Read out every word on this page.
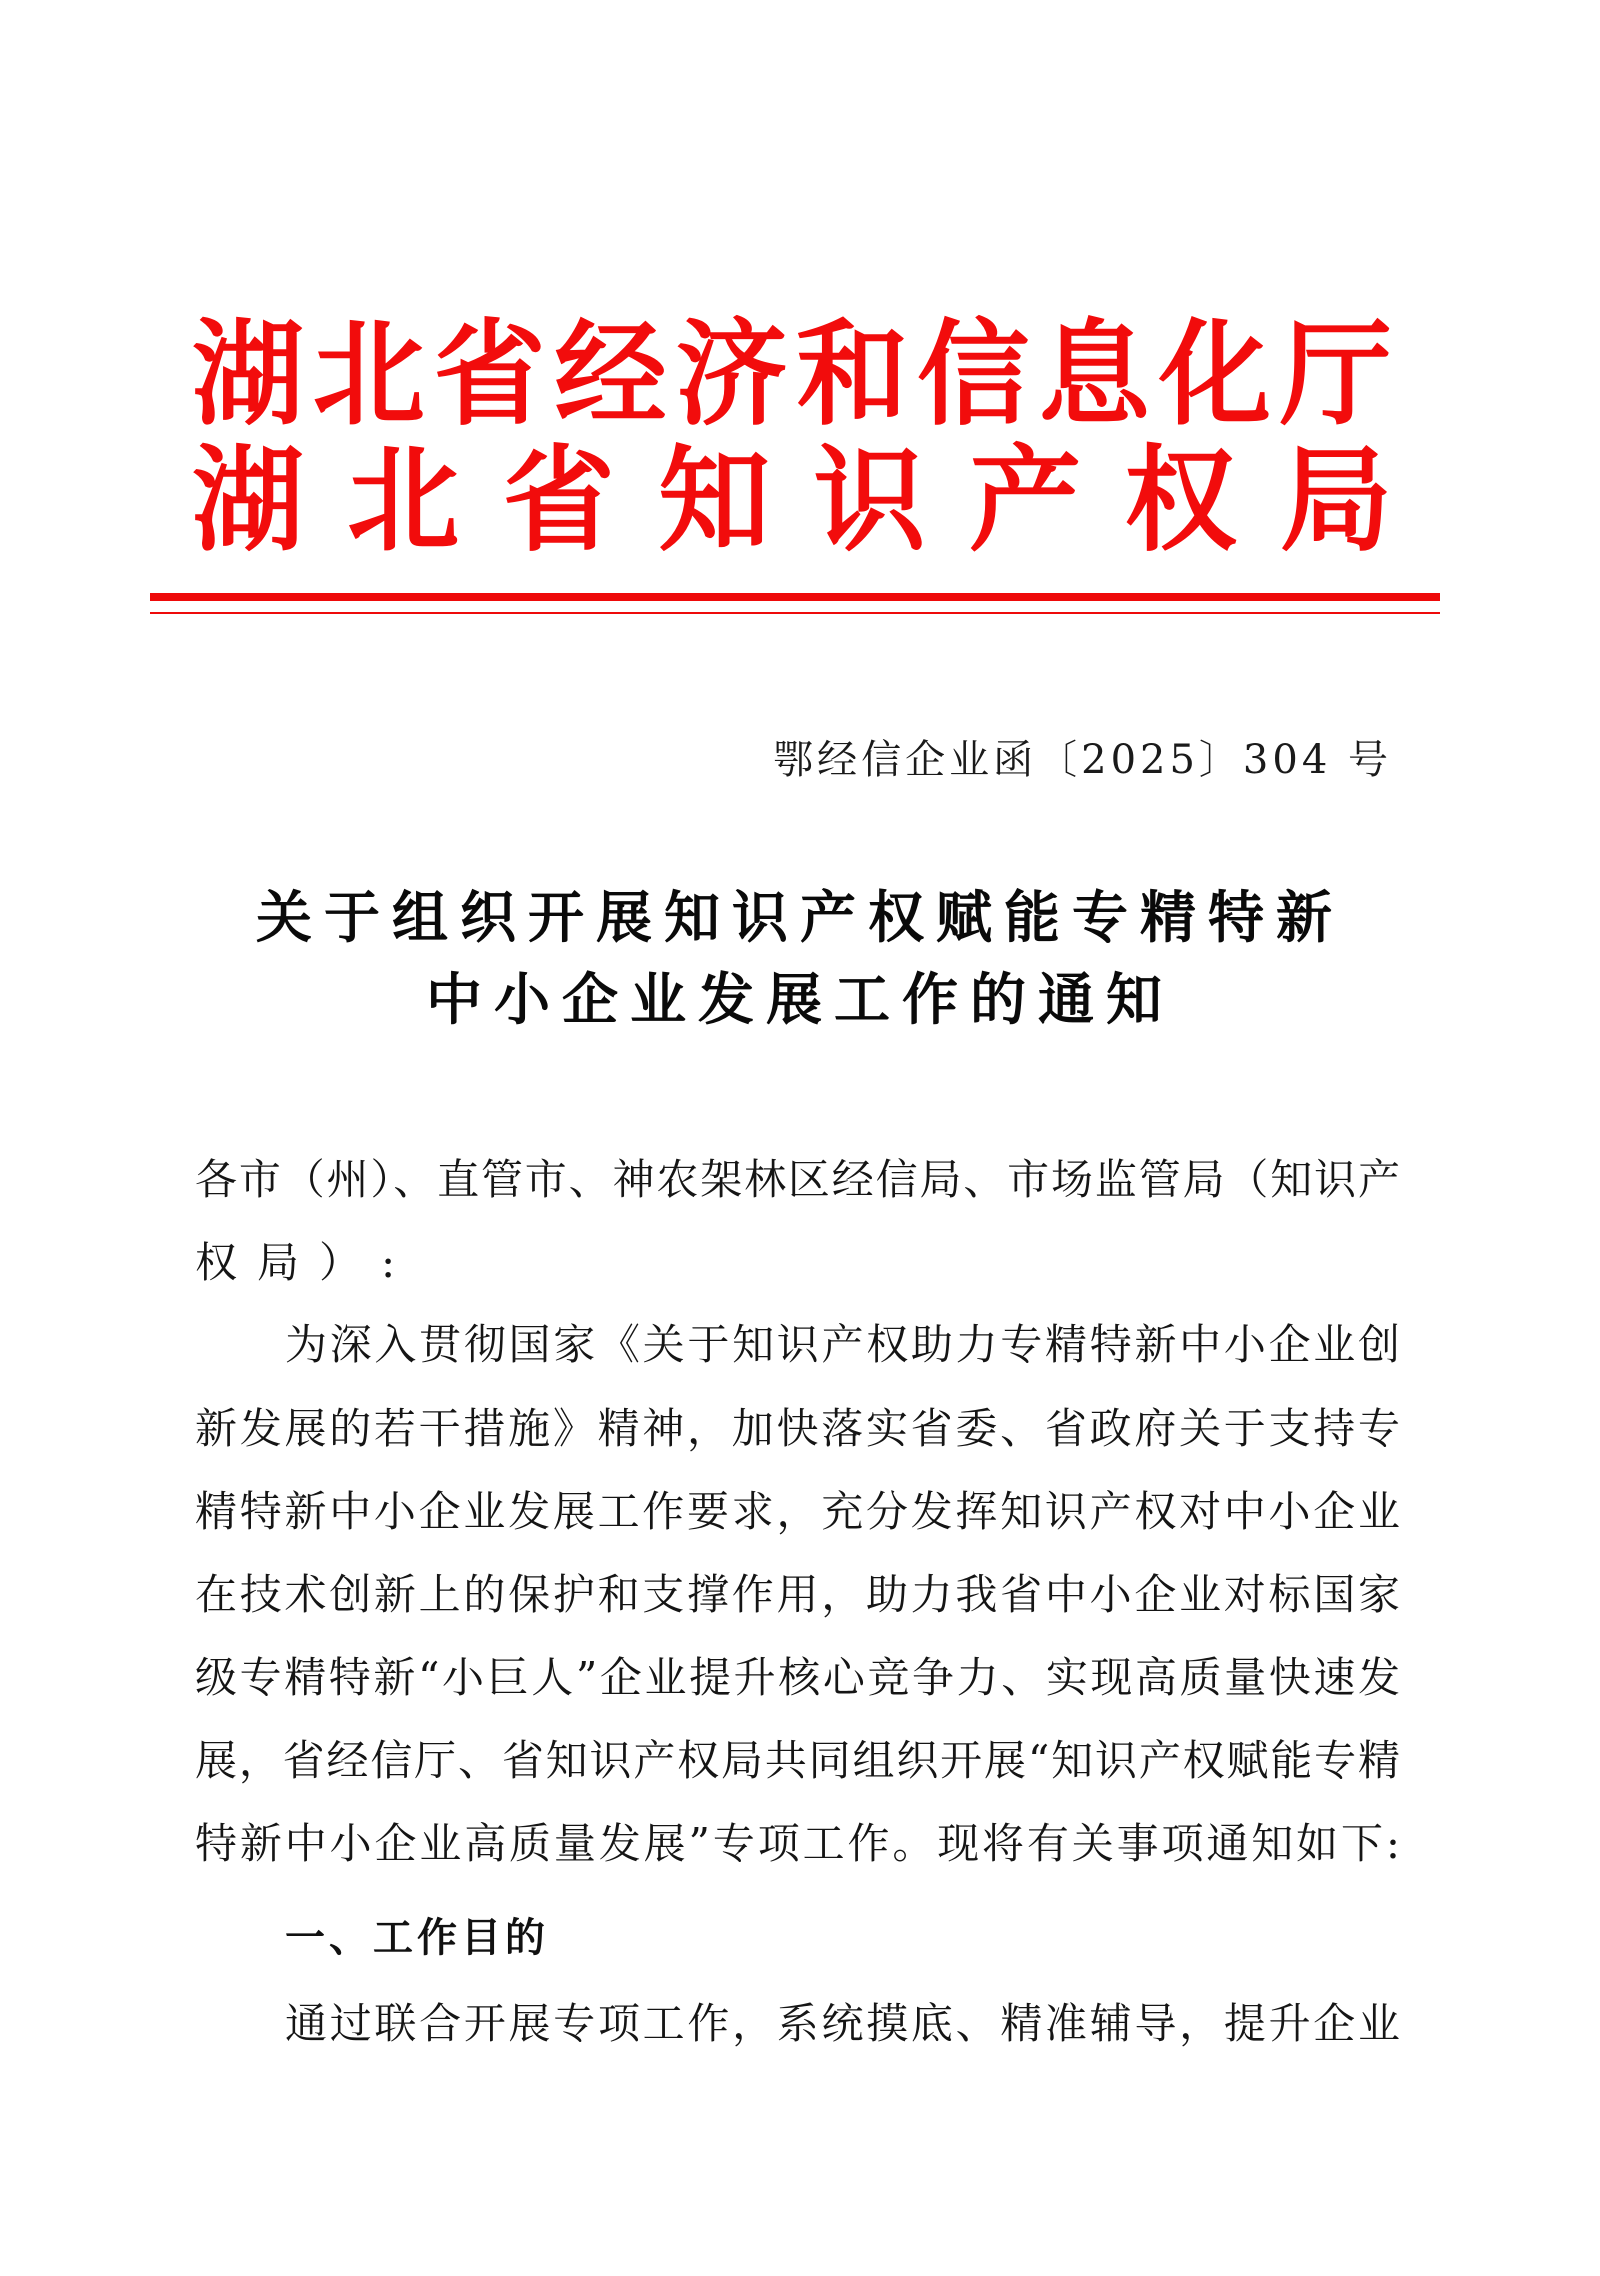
湖 北 省 经 济 和 信 息 化 厅
湖 北 省 知 识 产 权 局
鄂经信企业函〔2025〕304 号
关于组织开展知识产权赋能专精特新
中小企业发展工作的通知
各市（州）、直管市、神农架林区经信局、市场监管局（知识产
权局）:
为深入贯彻国家《关于知识产权助力专精特新中小企业创
新发展的若干措施》精神，加快落实省委、省政府关于支持专
精特新中小企业发展工作要求，充分发挥知识产权对中小企业
在技术创新上的保护和支撑作用，助力我省中小企业对标国家
级专精特新“小巨人”企业提升核心竞争力、实现高质量快速发
展，省经信厅、省知识产权局共同组织开展“知识产权赋能专精
特新中小企业高质量发展”专项工作。现将有关事项通知如下:
一、工作目的
通过联合开展专项工作，系统摸底、精准辅导，提升企业
